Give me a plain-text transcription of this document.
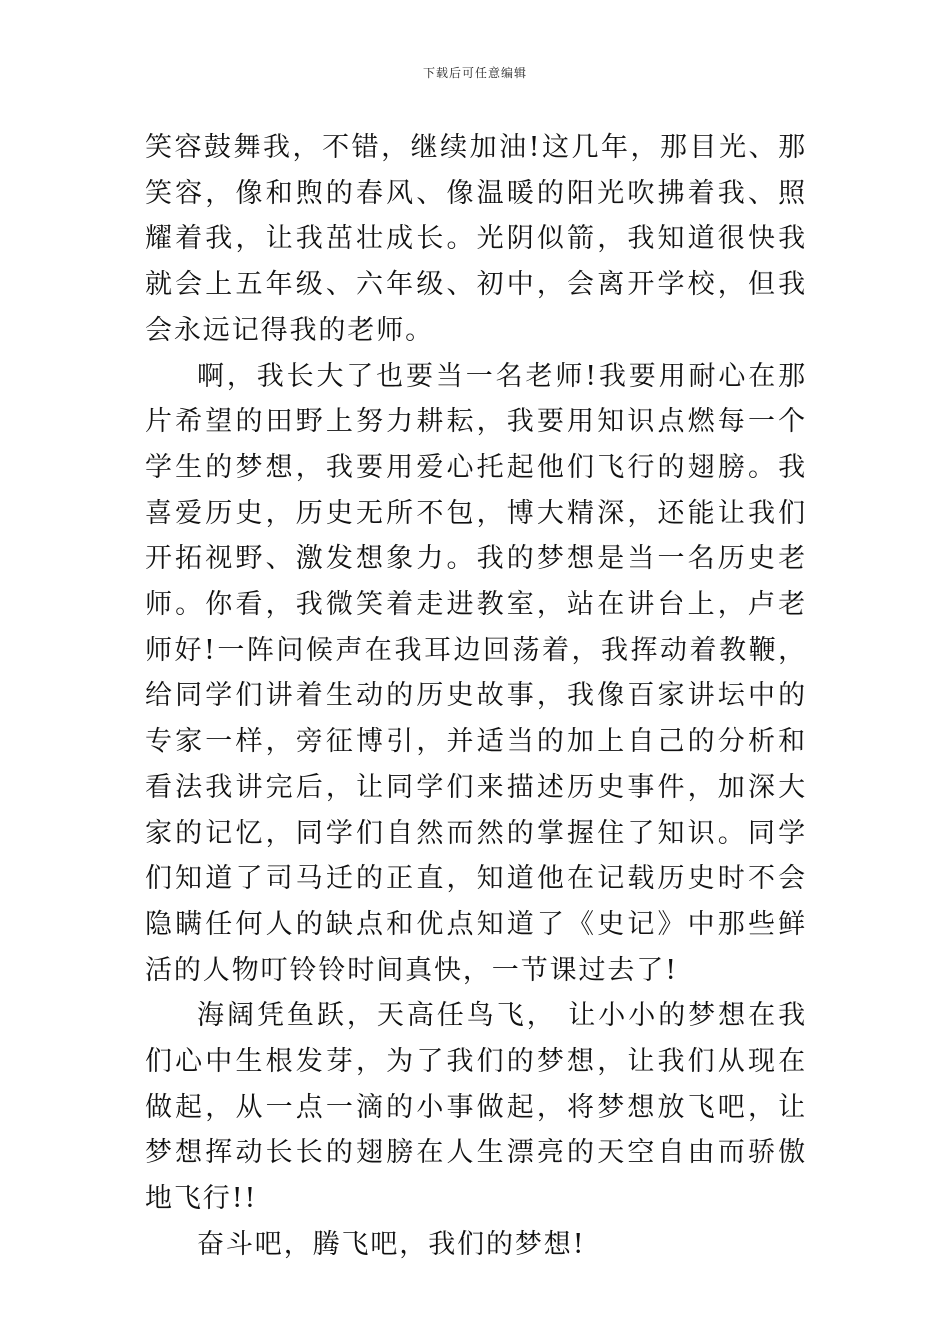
下载后可任意编辑

笑容鼓舞我，不错，继续加油!这几年，那目光、那笑容，像和煦的春风、像温暖的阳光吹拂着我、照耀着我，让我茁壮成长。光阴似箭，我知道很快我就会上五年级、六年级、初中，会离开学校，但我会永远记得我的老师。

啊，我长大了也要当一名老师!我要用耐心在那片希望的田野上努力耕耘，我要用知识点燃每一个学生的梦想，我要用爱心托起他们飞行的翅膀。我喜爱历史，历史无所不包，博大精深，还能让我们开拓视野、激发想象力。我的梦想是当一名历史老师。你看，我微笑着走进教室，站在讲台上，卢老师好!一阵问候声在我耳边回荡着，我挥动着教鞭，给同学们讲着生动的历史故事，我像百家讲坛中的专家一样，旁征博引，并适当的加上自己的分析和看法我讲完后，让同学们来描述历史事件，加深大家的记忆，同学们自然而然的掌握住了知识。同学们知道了司马迁的正直，知道他在记载历史时不会隐瞒任何人的缺点和优点知道了《史记》中那些鲜活的人物叮铃铃时间真快，一节课过去了!

海阔凭鱼跃，天高任鸟飞， 让小小的梦想在我们心中生根发芽，为了我们的梦想，让我们从现在做起，从一点一滴的小事做起，将梦想放飞吧，让梦想挥动长长的翅膀在人生漂亮的天空自由而骄傲地飞行!!

奋斗吧，腾飞吧，我们的梦想!
